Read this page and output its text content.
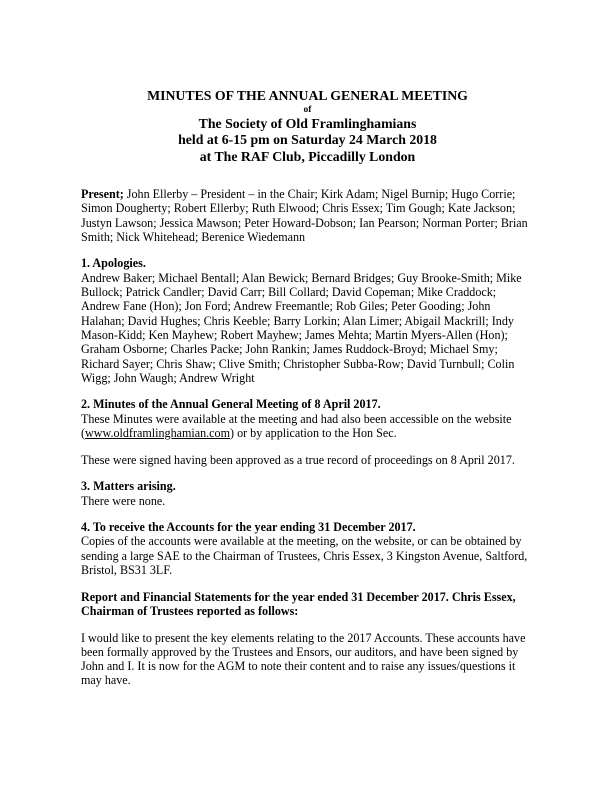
MINUTES OF THE ANNUAL GENERAL MEETING
of
The Society of Old Framlinghamians
held at 6-15 pm on Saturday 24 March 2018
at The RAF Club, Piccadilly London
Present; John Ellerby – President – in the Chair; Kirk Adam; Nigel Burnip; Hugo Corrie; Simon Dougherty; Robert Ellerby; Ruth Elwood; Chris Essex; Tim Gough; Kate Jackson; Justyn Lawson; Jessica Mawson; Peter Howard-Dobson; Ian Pearson; Norman Porter; Brian Smith; Nick Whitehead; Berenice Wiedemann
1. Apologies.
Andrew Baker; Michael Bentall; Alan Bewick; Bernard Bridges; Guy Brooke-Smith; Mike Bullock; Patrick Candler; David Carr; Bill Collard; David Copeman; Mike Craddock; Andrew Fane (Hon); Jon Ford; Andrew Freemantle; Rob Giles; Peter Gooding; John Halahan; David Hughes; Chris Keeble; Barry Lorkin; Alan Limer; Abigail Mackrill; Indy Mason-Kidd; Ken Mayhew; Robert Mayhew; James Mehta; Martin Myers-Allen (Hon); Graham Osborne; Charles Packe; John Rankin; James Ruddock-Broyd; Michael Smy; Richard Sayer; Chris Shaw; Clive Smith; Christopher Subba-Row; David Turnbull; Colin Wigg; John Waugh; Andrew Wright
2. Minutes of the Annual General Meeting of 8 April 2017.
These Minutes were available at the meeting and had also been accessible on the website (www.oldframlinghamian.com) or by application to the Hon Sec.
These were signed having been approved as a true record of proceedings on 8 April 2017.
3. Matters arising.
There were none.
4. To receive the Accounts for the year ending 31 December 2017.
Copies of the accounts were available at the meeting, on the website, or can be obtained by sending a large SAE to the Chairman of Trustees, Chris Essex, 3 Kingston Avenue, Saltford, Bristol, BS31 3LF.
Report and Financial Statements for the year ended 31 December 2017. Chris Essex, Chairman of Trustees reported as follows:
I would like to present the key elements relating to the 2017 Accounts. These accounts have been formally approved by the Trustees and Ensors, our auditors, and have been signed by John and I. It is now for the AGM to note their content and to raise any issues/questions it may have.
